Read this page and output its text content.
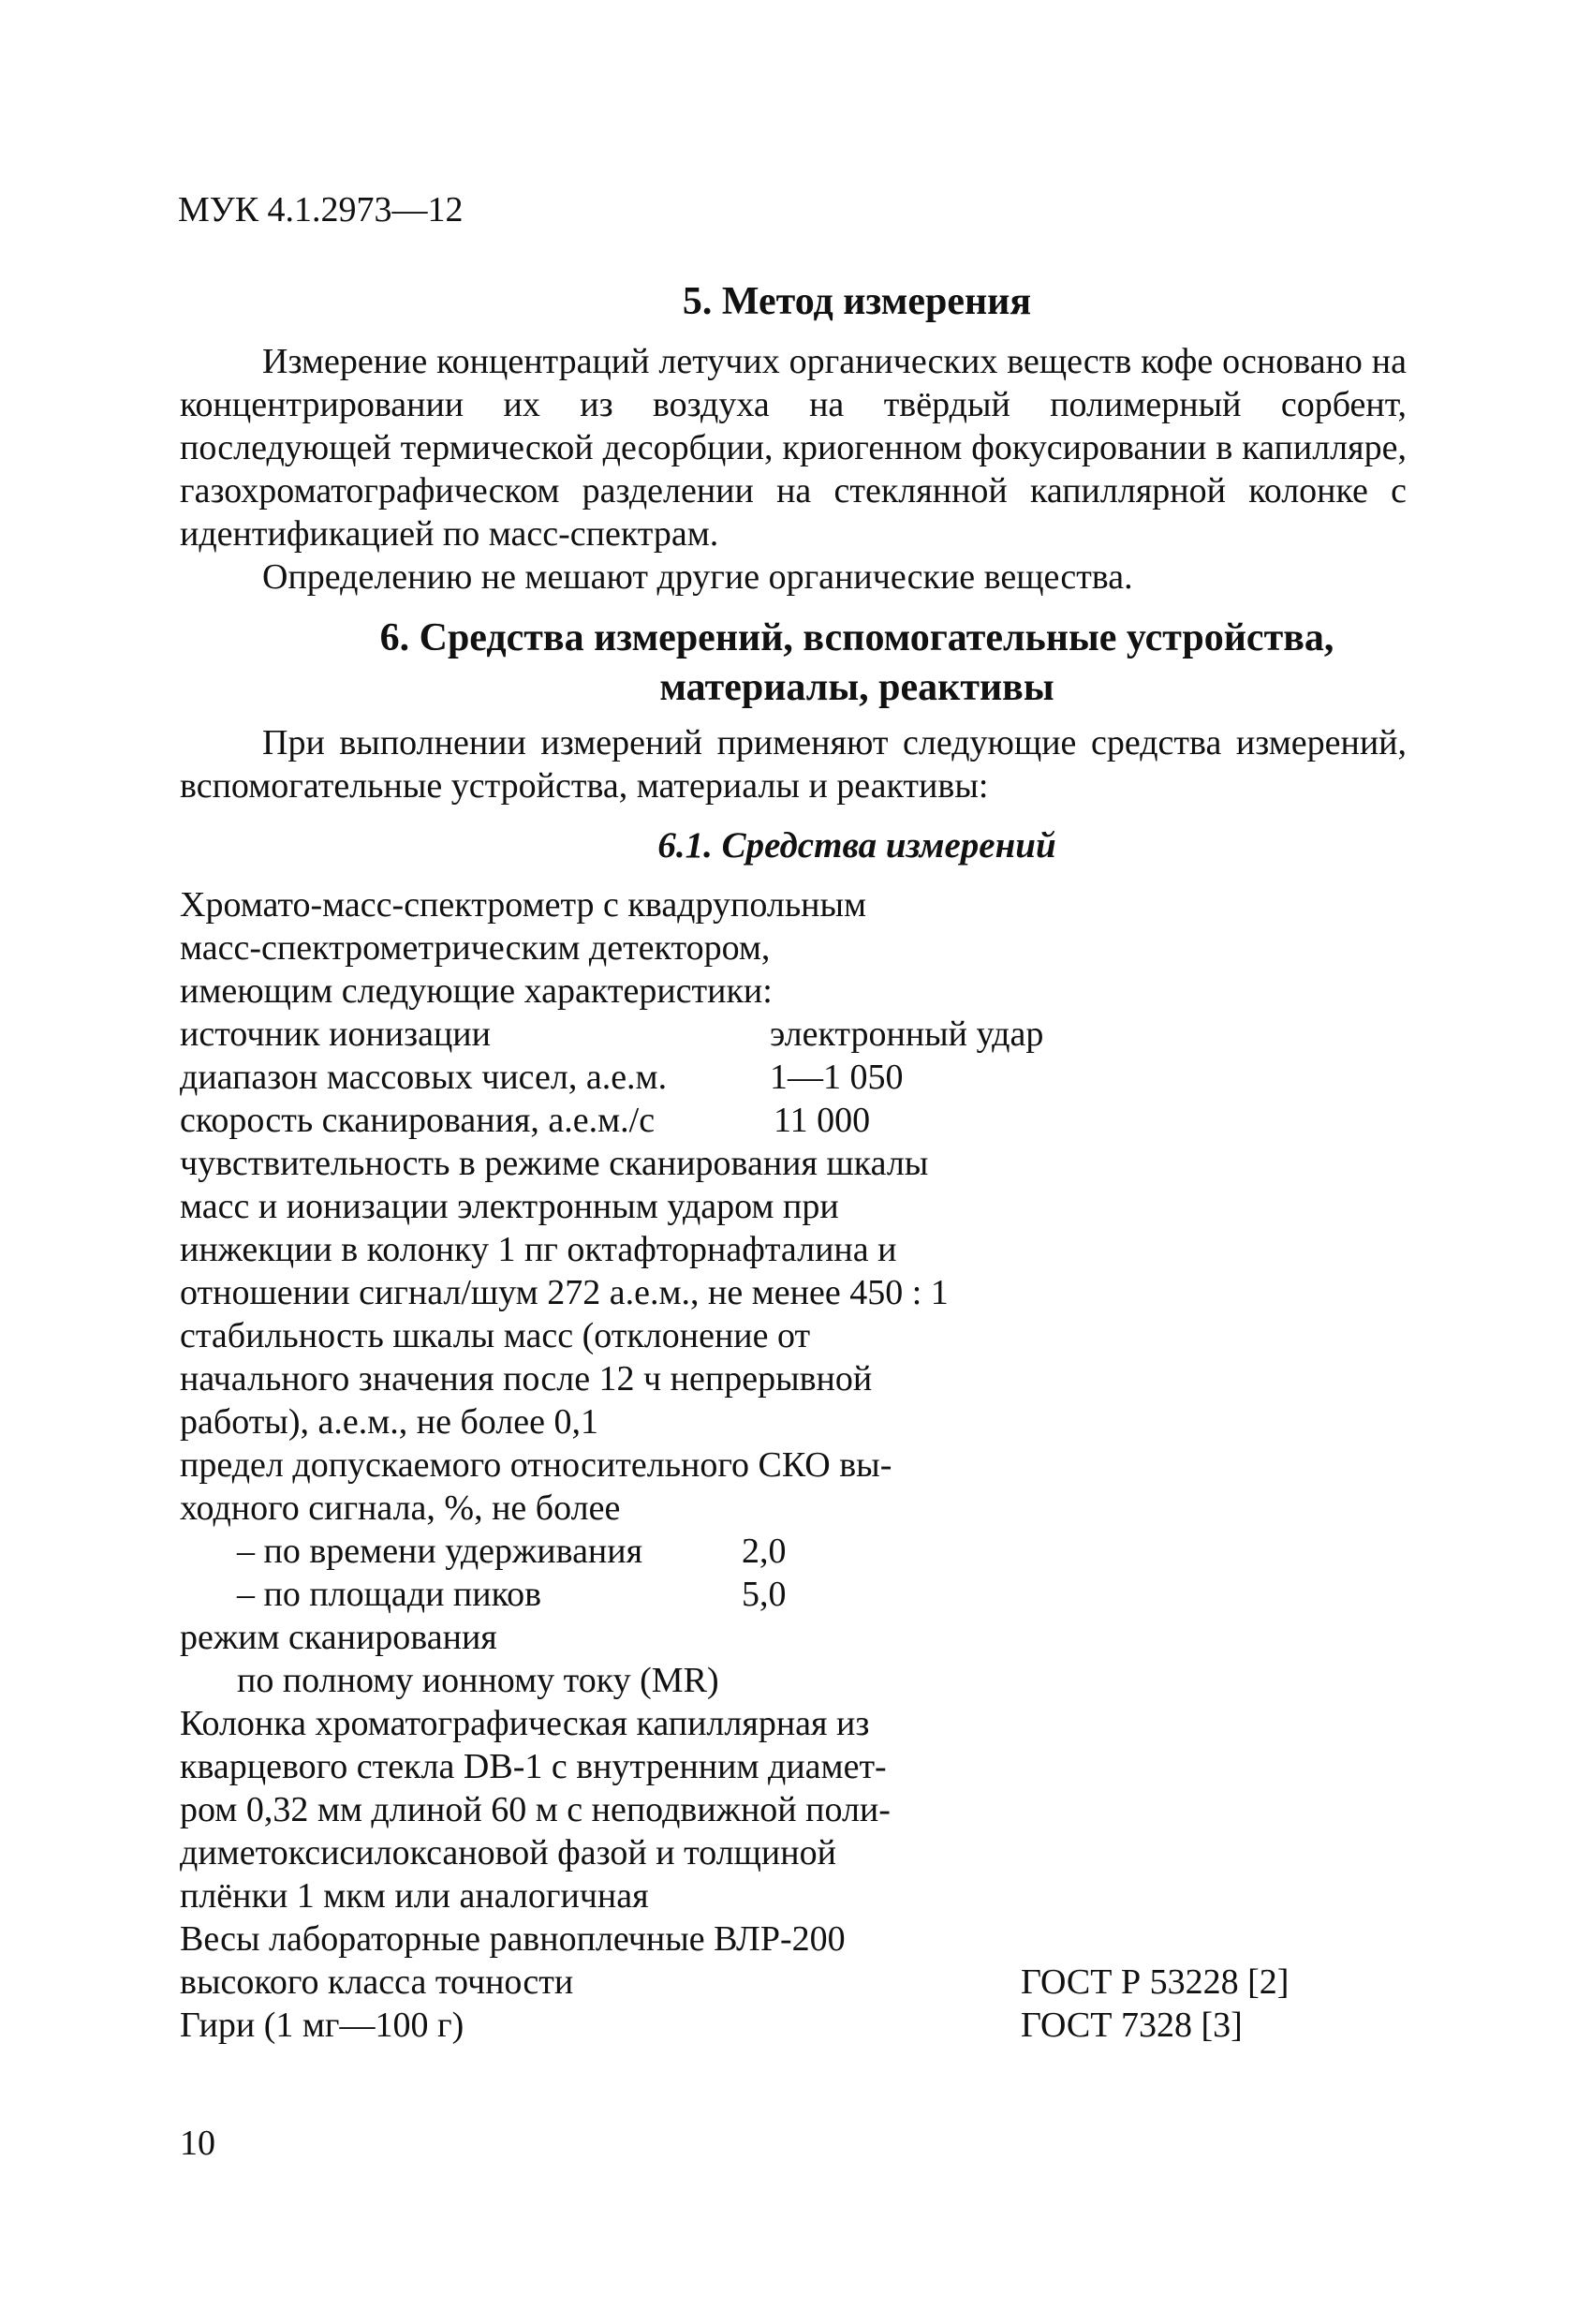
МУК 4.1.2973—12
5. Метод измерения

Измерение концентраций летучих органических веществ кофе основано на концентрировании их из воздуха на твёрдый полимерный сорбент, последующей термической десорбции, криогенном фокусировании в капилляре, газохроматографическом разделении на стеклянной капиллярной колонке с идентификацией по масс-спектрам.

Определению не мешают другие органические вещества.

6. Средства измерений, вспомогательные устройства,
материалы, реактивы

При выполнении измерений применяют следующие средства измерений, вспомогательные устройства, материалы и реактивы:

6.1. Средства измерений
Хромато-масс-спектрометр с квадрупольным
масс-спектрометрическим детектором,
имеющим следующие характеристики:
источник ионизации	электронный удар
диапазон массовых чисел, а.е.м.	1—1 050
скорость сканирования, а.е.м./с	11 000
чувствительность в режиме сканирования шкалы
масс и ионизации электронным ударом при
инжекции в колонку 1 пг октафторнафталина и
отношении сигнал/шум 272 а.е.м., не менее 450 : 1
стабильность шкалы масс (отклонение от
начального значения после 12 ч непрерывной
работы), а.е.м., не более 0,1
предел допускаемого относительного СКО вы-
ходного сигнала, %, не более
– по времени удерживания	2,0
– по площади пиков	5,0
режим сканирования
по полному ионному току (MR)
Колонка хроматографическая капиллярная из
кварцевого стекла DB-1 с внутренним диамет-
ром 0,32 мм длиной 60 м с неподвижной поли-
диметоксисилоксановой фазой и толщиной
плёнки 1 мкм или аналогичная
Весы лабораторные равноплечные ВЛР-200
высокого класса точности	ГОСТ Р 53228 [2]
Гири (1 мг—100 г)	ГОСТ 7328 [3]
10
